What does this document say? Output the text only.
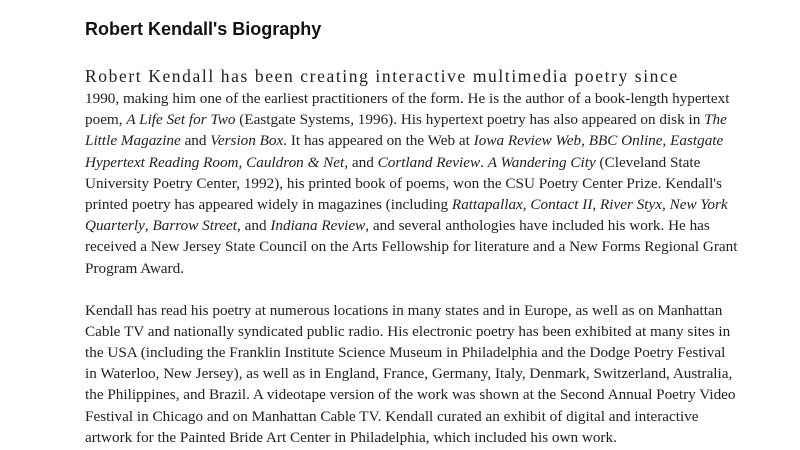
Robert Kendall's Biography
Robert Kendall has been creating interactive multimedia poetry since

1990, making him one of the earliest practitioners of the form. He is the author of a book-length hypertext
poem, A Life Set for Two (Eastgate Systems, 1996). His hypertext poetry has also appeared on disk in The
Little Magazine and Version Box. It has appeared on the Web at Iowa Review Web, BBC Online, Eastgate
Hypertext Reading Room, Cauldron & Net, and Cortland Review. A Wandering City (Cleveland State
University Poetry Center, 1992), his printed book of poems, won the CSU Poetry Center Prize. Kendall's
printed poetry has appeared widely in magazines (including Rattapallax, Contact II, River Styx, New York
Quarterly, Barrow Street, and Indiana Review, and several anthologies have included his work. He has
received a New Jersey State Council on the Arts Fellowship for literature and a New Forms Regional Grant
Program Award.

Kendall has read his poetry at numerous locations in many states and in Europe, as well as on Manhattan
Cable TV and nationally syndicated public radio. His electronic poetry has been exhibited at many sites in
the USA (including the Franklin Institute Science Museum in Philadelphia and the Dodge Poetry Festival
in Waterloo, New Jersey), as well as in England, France, Germany, Italy, Denmark, Switzerland, Australia,
the Philippines, and Brazil. A videotape version of the work was shown at the Second Annual Poetry Video
Festival in Chicago and on Manhattan Cable TV. Kendall curated an exhibit of digital and interactive
artwork for the Painted Bride Art Center in Philadelphia, which included his own work.
